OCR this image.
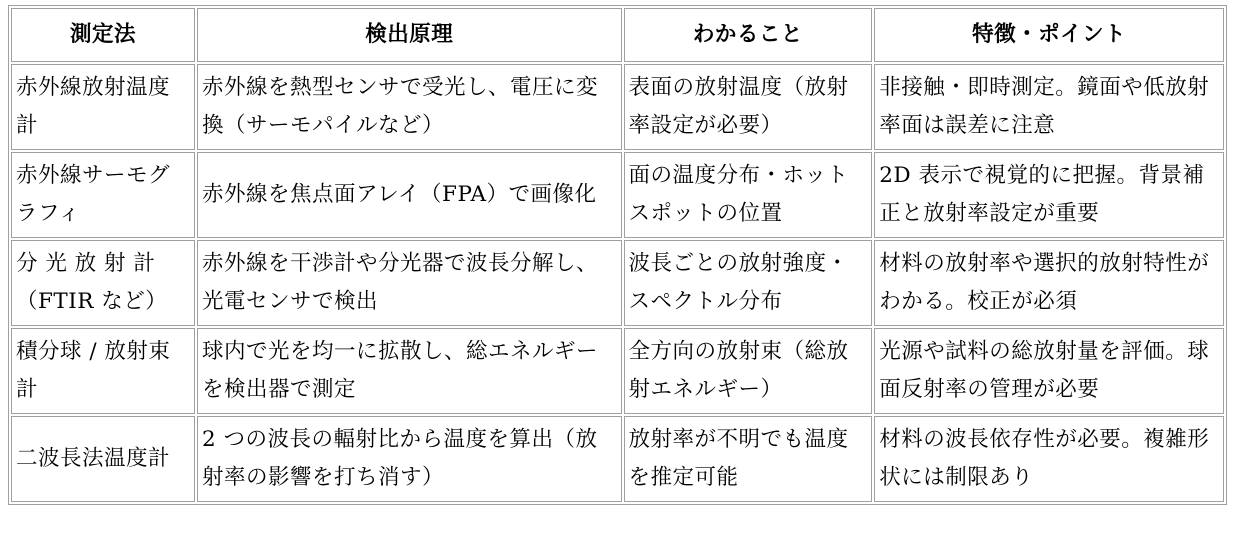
測定法	検出原理	わかること	特徴・ポイント
赤外線放射温度計	赤外線を熱型センサで受光し、電圧に変換（サーモパイルなど）	表面の放射温度（放射率設定が必要）	非接触・即時測定。鏡面や低放射率面は誤差に注意
赤外線サーモグラフィ	赤外線を焦点面アレイ（FPA）で画像化	面の温度分布・ホットスポットの位置	2D 表示で視覚的に把握。背景補正と放射率設定が重要
分 光 放 射 計（FTIR など）	赤外線を干渉計や分光器で波長分解し、光電センサで検出	波長ごとの放射強度・スペクトル分布	材料の放射率や選択的放射特性がわかる。校正が必須
積分球 / 放射束計	球内で光を均一に拡散し、総エネルギーを検出器で測定	全方向の放射束（総放射エネルギー）	光源や試料の総放射量を評価。球面反射率の管理が必要
二波長法温度計	2 つの波長の輻射比から温度を算出（放射率の影響を打ち消す）	放射率が不明でも温度を推定可能	材料の波長依存性が必要。複雑形状には制限あり
